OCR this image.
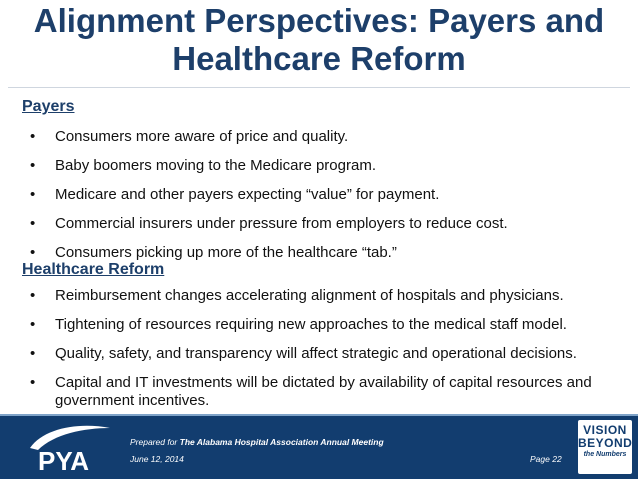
Alignment Perspectives: Payers and
Healthcare Reform
Payers
• Consumers more aware of price and quality.
• Baby boomers moving to the Medicare program.
• Medicare and other payers expecting “value” for payment.
• Commercial insurers under pressure from employers to reduce cost.
• Consumers picking up more of the healthcare “tab.”
Healthcare Reform
• Reimbursement changes accelerating alignment of hospitals and physicians.
• Tightening of resources requiring new approaches to the medical staff model.
• Quality, safety, and transparency will affect strategic and operational decisions.
• Capital and IT investments will be dictated by availability of capital resources and government incentives.
PYA
Prepared for The Alabama Hospital Association Annual Meeting
June 12, 2014	Page 22
VISION
BEYOND
the Numbers
